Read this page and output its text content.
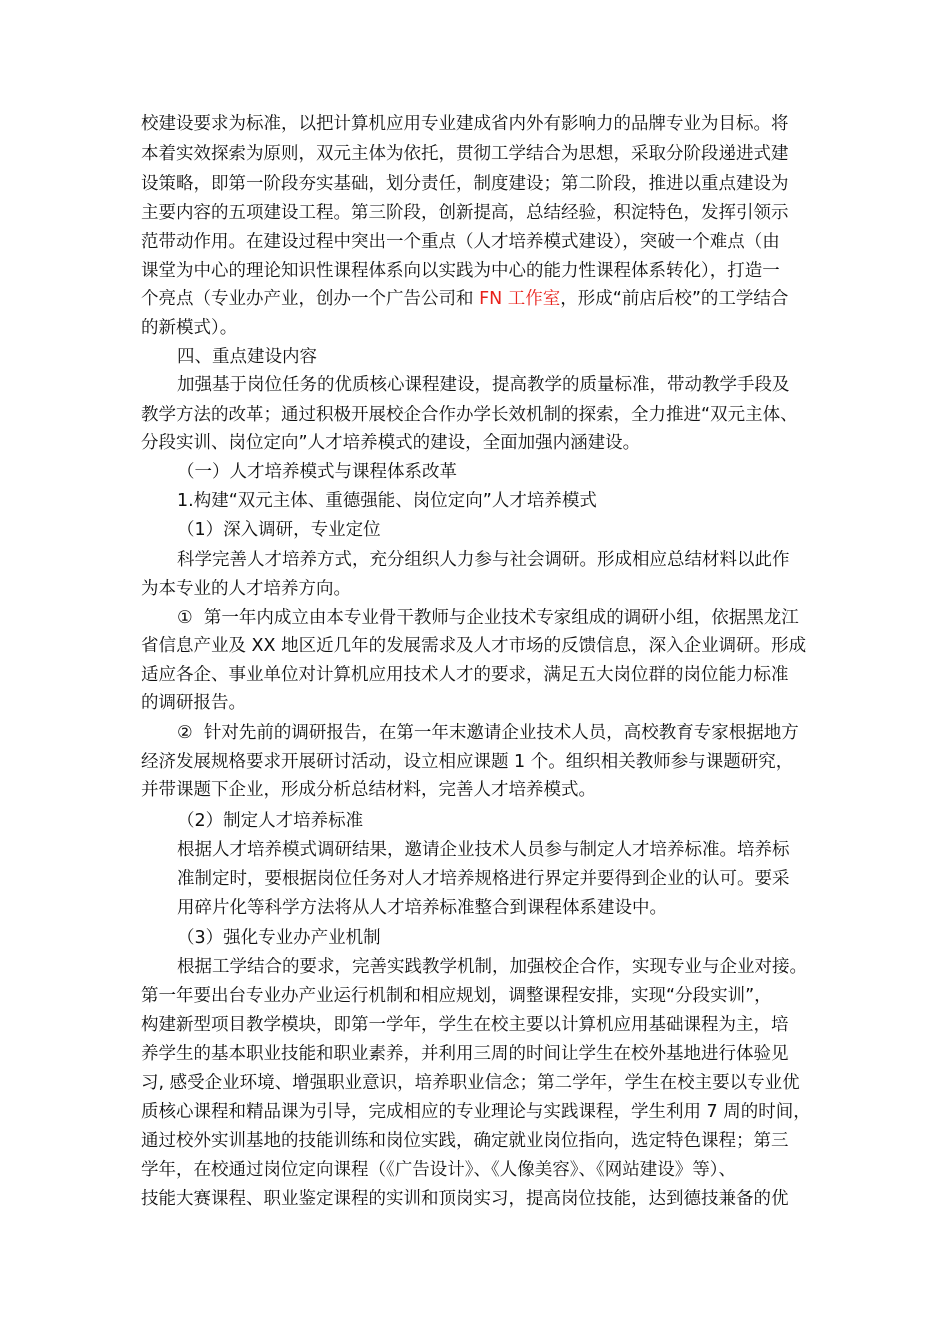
校建设要求为标准，以把计算机应用专业建成省内外有影响力的品牌专业为目标。将
本着实效探索为原则，双元主体为依托，贯彻工学结合为思想，采取分阶段递进式建
设策略，即第一阶段夯实基础，划分责任，制度建设；第二阶段，推进以重点建设为
主要内容的五项建设工程。第三阶段，创新提高，总结经验，积淀特色，发挥引领示
范带动作用。在建设过程中突出一个重点（人才培养模式建设），突破一个难点（由
课堂为中心的理论知识性课程体系向以实践为中心的能力性课程体系转化），打造一
个亮点（专业办产业，创办一个广告公司和 FN 工作室，形成“前店后校”的工学结合
的新模式）。
四、重点建设内容
加强基于岗位任务的优质核心课程建设，提高教学的质量标准，带动教学手段及
教学方法的改革；通过积极开展校企合作办学长效机制的探索，全力推进“双元主体、
分段实训、岗位定向”人才培养模式的建设，全面加强内涵建设。
（一）人才培养模式与课程体系改革
1.构建“双元主体、重德强能、岗位定向”人才培养模式
（1）深入调研，专业定位
科学完善人才培养方式，充分组织人力参与社会调研。形成相应总结材料以此作
为本专业的人才培养方向。
①  第一年内成立由本专业骨干教师与企业技术专家组成的调研小组，依据黑龙江
省信息产业及 XX 地区近几年的发展需求及人才市场的反馈信息，深入企业调研。形成
适应各企、事业单位对计算机应用技术人才的要求，满足五大岗位群的岗位能力标准
的调研报告。
②  针对先前的调研报告，在第一年末邀请企业技术人员，高校教育专家根据地方
经济发展规格要求开展研讨活动，设立相应课题 1 个。组织相关教师参与课题研究，
并带课题下企业，形成分析总结材料，完善人才培养模式。
（2）制定人才培养标准
根据人才培养模式调研结果，邀请企业技术人员参与制定人才培养标准。培养标
准制定时，要根据岗位任务对人才培养规格进行界定并要得到企业的认可。要采
用碎片化等科学方法将从人才培养标准整合到课程体系建设中。
（3）强化专业办产业机制
根据工学结合的要求，完善实践教学机制，加强校企合作，实现专业与企业对接。
第一年要出台专业办产业运行机制和相应规划，调整课程安排，实现“分段实训”，
构建新型项目教学模块，即第一学年，学生在校主要以计算机应用基础课程为主，培
养学生的基本职业技能和职业素养，并利用三周的时间让学生在校外基地进行体验见
习, 感受企业环境、增强职业意识，培养职业信念；第二学年，学生在校主要以专业优
质核心课程和精品课为引导，完成相应的专业理论与实践课程，学生利用 7 周的时间，
通过校外实训基地的技能训练和岗位实践，确定就业岗位指向，选定特色课程；第三
学年，在校通过岗位定向课程（《广告设计》、《人像美容》、《网站建设》等）、
技能大赛课程、职业鉴定课程的实训和顶岗实习，提高岗位技能，达到德技兼备的优
